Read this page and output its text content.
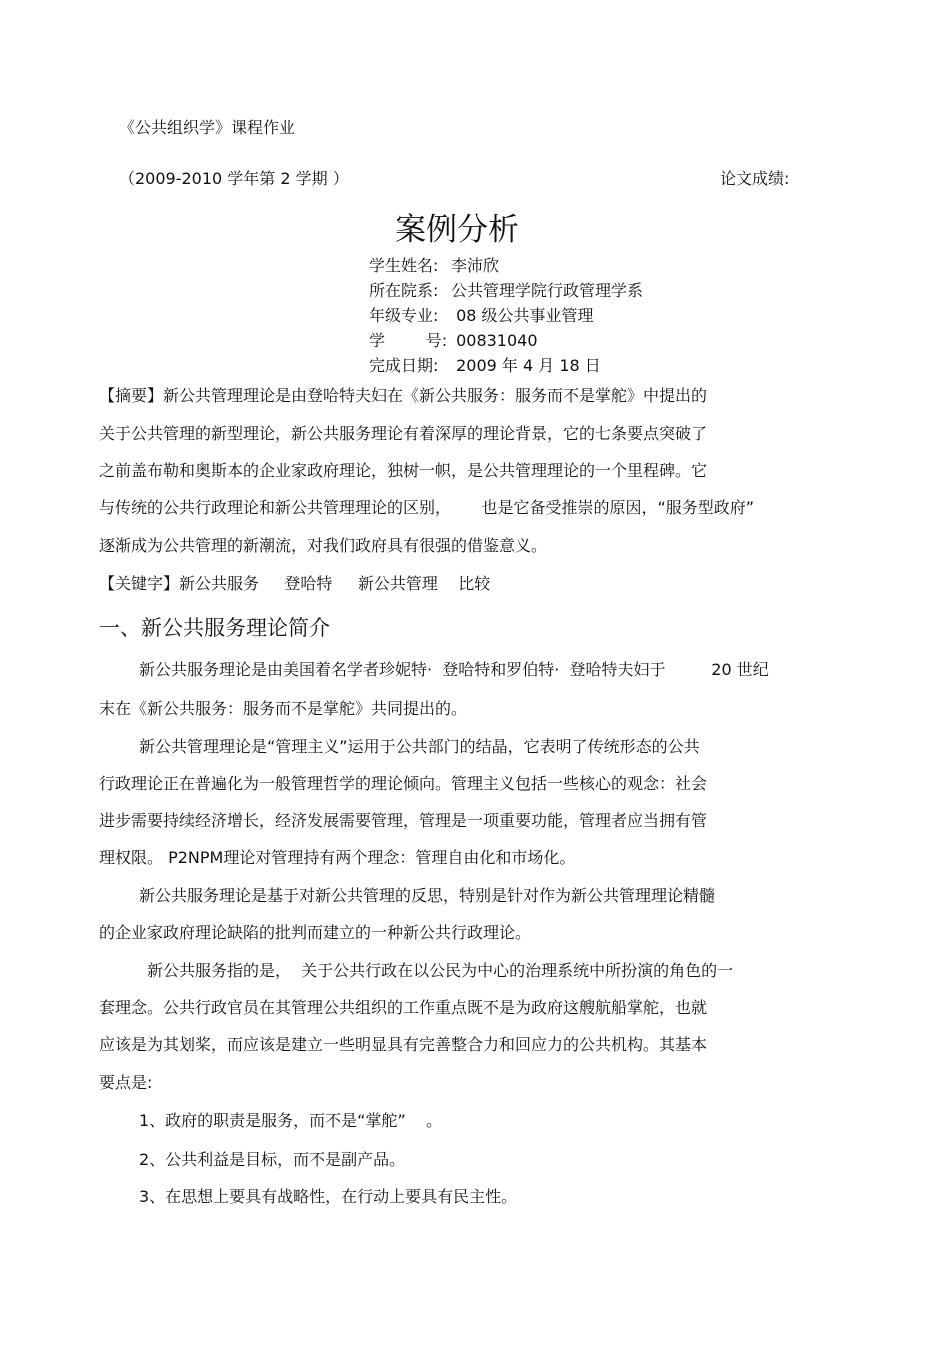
《公共组织学》课程作业
（2009-2010 学年第 2 学期 ）	论文成绩:
案例分析
学生姓名: 李沛欣
所在院系: 公共管理学院行政管理学系
年级专业: 08 级公共事业管理
学        号: 00831040
完成日期: 2009 年 4 月 18 日
【摘要】新公共管理理论是由登哈特夫妇在《新公共服务：服务而不是掌舵》中提出的
关于公共管理的新型理论，新公共服务理论有着深厚的理论背景，它的七条要点突破了
之前盖布勒和奥斯本的企业家政府理论，独树一帜，是公共管理理论的一个里程碑。它
与传统的公共行政理论和新公共管理理论的区别，      也是它备受推崇的原因，“服务型政府”
逐渐成为公共管理的新潮流，对我们政府具有很强的借鉴意义。
【关键字】新公共服务     登哈特     新公共管理    比较
一、新公共服务理论简介
新公共服务理论是由美国着名学者珍妮特·  登哈特和罗伯特·  登哈特夫妇于         20 世纪
末在《新公共服务：服务而不是掌舵》共同提出的。
新公共管理理论是“管理主义”运用于公共部门的结晶，它表明了传统形态的公共
行政理论正在普遍化为一般管理哲学的理论倾向。管理主义包括一些核心的观念：社会
进步需要持续经济增长，经济发展需要管理，管理是一项重要功能，管理者应当拥有管
理权限。 P2NPM理论对管理持有两个理念：管理自由化和市场化。
新公共服务理论是基于对新公共管理的反思，特别是针对作为新公共管理理论精髓
的企业家政府理论缺陷的批判而建立的一种新公共行政理论。
新公共服务指的是，  关于公共行政在以公民为中心的治理系统中所扮演的角色的一
套理念。公共行政官员在其管理公共组织的工作重点既不是为政府这艘航船掌舵，也就
应该是为其划桨，而应该是建立一些明显具有完善整合力和回应力的公共机构。其基本
要点是:
1、政府的职责是服务，而不是“掌舵”    。
2、公共利益是目标，而不是副产品。
3、在思想上要具有战略性，在行动上要具有民主性。
